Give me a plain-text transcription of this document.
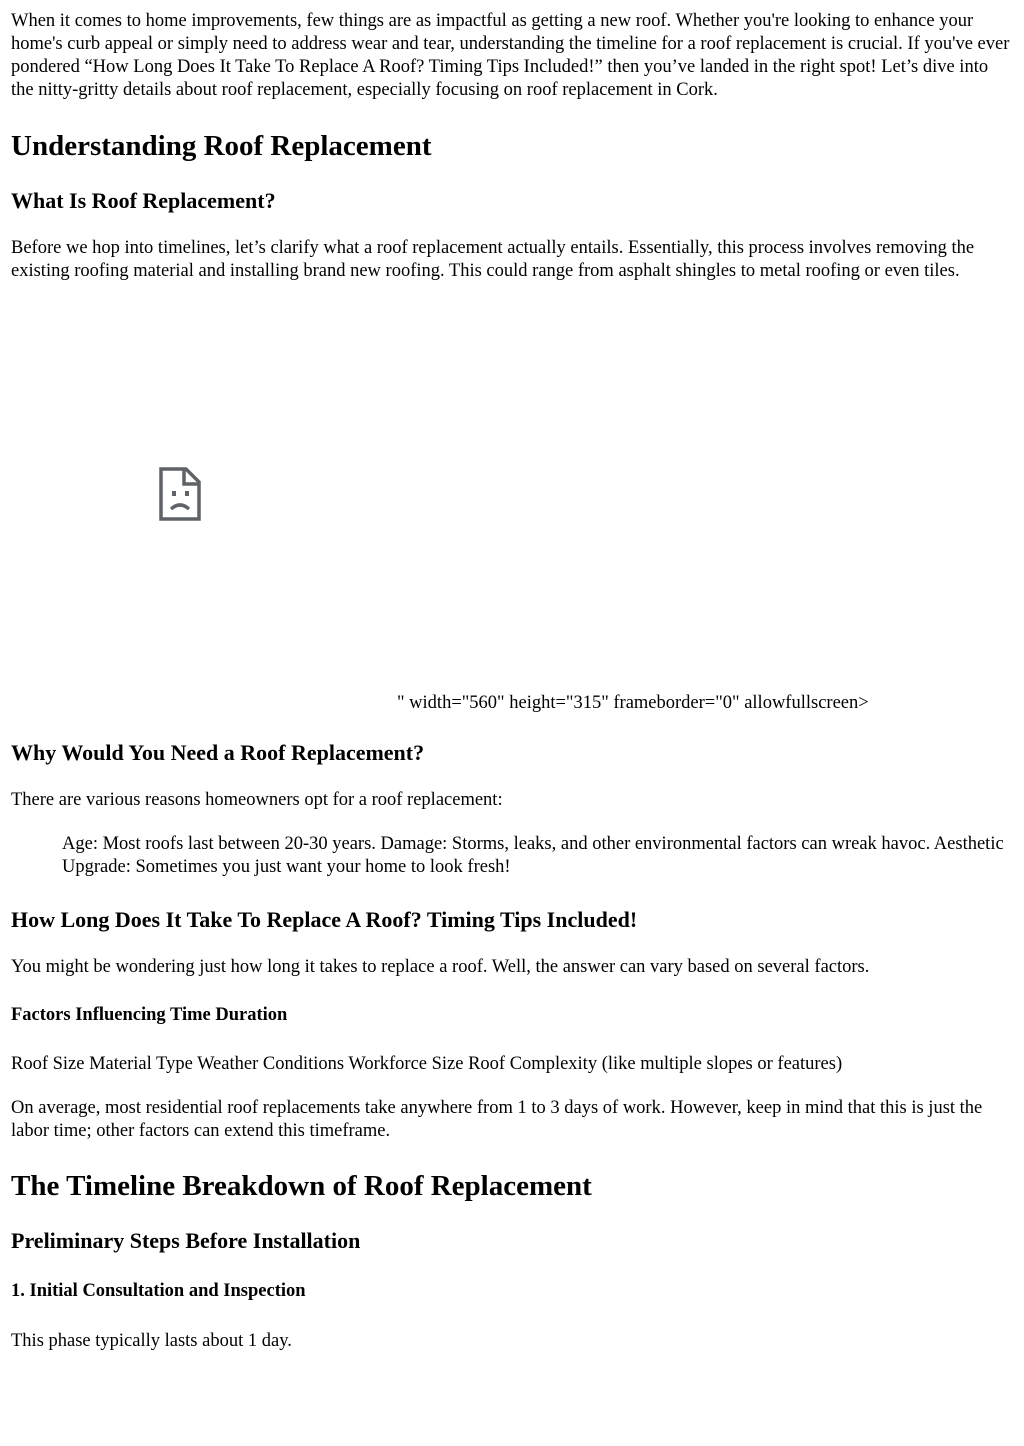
When it comes to home improvements, few things are as impactful as getting a new roof. Whether you're looking to enhance your home's curb appeal or simply need to address wear and tear, understanding the timeline for a roof replacement is crucial. If you've ever pondered “How Long Does It Take To Replace A Roof? Timing Tips Included!” then you’ve landed in the right spot! Let’s dive into the nitty-gritty details about roof replacement, especially focusing on roof replacement in Cork.

Understanding Roof Replacement
What Is Roof Replacement?

Before we hop into timelines, let’s clarify what a roof replacement actually entails. Essentially, this process involves removing the existing roofing material and installing brand new roofing. This could range from asphalt shingles to metal roofing or even tiles.

" width="560" height="315" frameborder="0" allowfullscreen>
Why Would You Need a Roof Replacement?

There are various reasons homeowners opt for a roof replacement:

Age: Most roofs last between 20-30 years. Damage: Storms, leaks, and other environmental factors can wreak havoc. Aesthetic Upgrade: Sometimes you just want your home to look fresh!

How Long Does It Take To Replace A Roof? Timing Tips Included!

You might be wondering just how long it takes to replace a roof. Well, the answer can vary based on several factors.

Factors Influencing Time Duration

Roof Size Material Type Weather Conditions Workforce Size Roof Complexity (like multiple slopes or features)

On average, most residential roof replacements take anywhere from 1 to 3 days of work. However, keep in mind that this is just the labor time; other factors can extend this timeframe.

The Timeline Breakdown of Roof Replacement
Preliminary Steps Before Installation
1. Initial Consultation and Inspection

This phase typically lasts about 1 day.
